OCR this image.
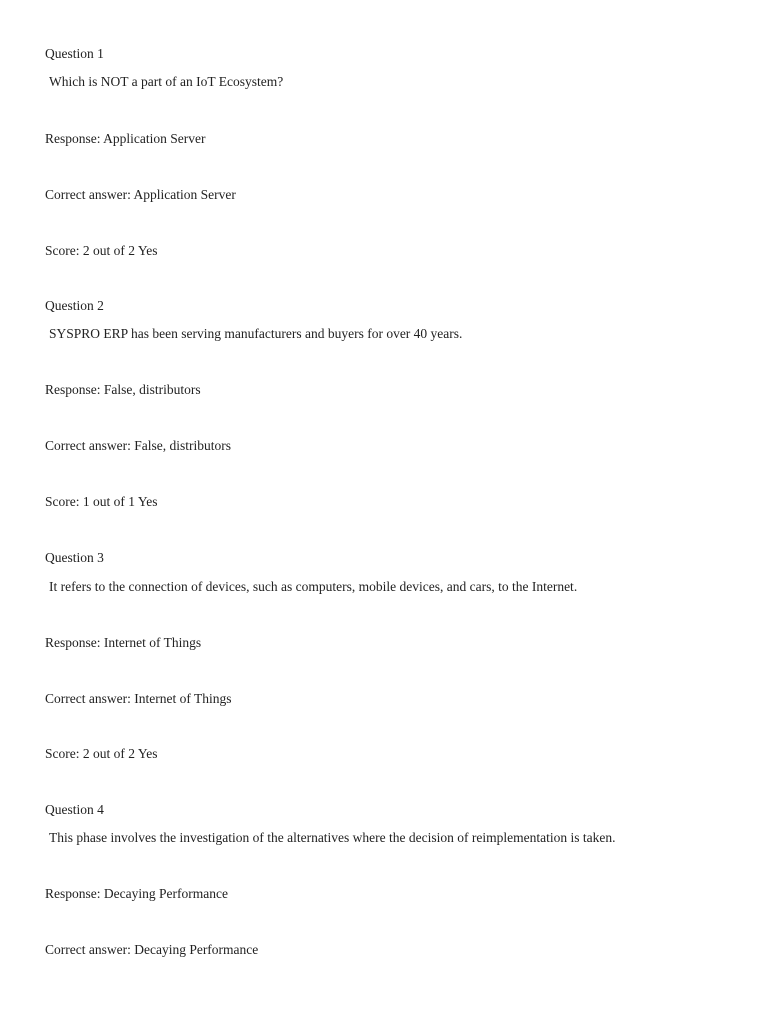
Question 1
Which is NOT a part of an IoT Ecosystem?
Response: Application Server
Correct answer: Application Server
Score: 2 out of 2 Yes
Question 2
SYSPRO ERP has been serving manufacturers and buyers for over 40 years.
Response: False, distributors
Correct answer: False, distributors
Score: 1 out of 1 Yes
Question 3
It refers to the connection of devices, such as computers, mobile devices, and cars, to the Internet.
Response: Internet of Things
Correct answer: Internet of Things
Score: 2 out of 2 Yes
Question 4
This phase involves the investigation of the alternatives where the decision of reimplementation is taken.
Response: Decaying Performance
Correct answer: Decaying Performance
